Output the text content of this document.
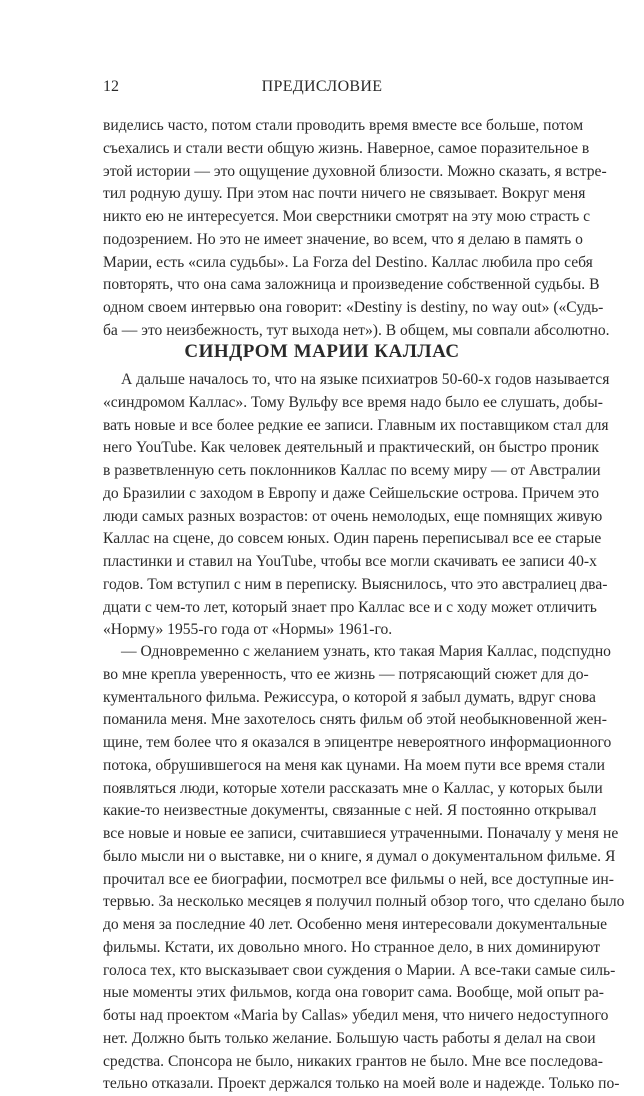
12	ПРЕДИСЛОВИЕ
виделись часто, потом стали проводить время вместе все больше, потом
съехались и стали вести общую жизнь. Наверное, самое поразительное в
этой истории — это ощущение духовной близости. Можно сказать, я встре-
тил родную душу. При этом нас почти ничего не связывает. Вокруг меня
никто ею не интересуется. Мои сверстники смотрят на эту мою страсть с
подозрением. Но это не имеет значение, во всем, что я делаю в память о
Марии, есть «сила судьбы». La Forza del Destino. Каллас любила про себя
повторять, что она сама заложница и произведение собственной судьбы. В
одном своем интервью она говорит: «Destiny is destiny, no way out» («Судь-
ба — это неизбежность, тут выхода нет»). В общем, мы совпали абсолютно.
СИНДРОМ МАРИИ КАЛЛАС
А дальше началось то, что на языке психиатров 50-60-х годов называется
«синдромом Каллас». Тому Вульфу все время надо было ее слушать, добы-
вать новые и все более редкие ее записи. Главным их поставщиком стал для
него YouTube. Как человек деятельный и практический, он быстро проник
в разветвленную сеть поклонников Каллас по всему миру — от Австралии
до Бразилии с заходом в Европу и даже Сейшельские острова. Причем это
люди самых разных возрастов: от очень немолодых, еще помнящих живую
Каллас на сцене, до совсем юных. Один парень переписывал все ее старые
пластинки и ставил на YouTube, чтобы все могли скачивать ее записи 40-х
годов. Том вступил с ним в переписку. Выяснилось, что это австралиец два-
дцати с чем-то лет, который знает про Каллас все и с ходу может отличить
«Норму» 1955-го года от «Нормы» 1961-го.
— Одновременно с желанием узнать, кто такая Мария Каллас, подспудно
во мне крепла уверенность, что ее жизнь — потрясающий сюжет для до-
кументального фильма. Режиссура, о которой я забыл думать, вдруг снова
поманила меня. Мне захотелось снять фильм об этой необыкновенной жен-
щине, тем более что я оказался в эпицентре невероятного информационного
потока, обрушившегося на меня как цунами. На моем пути все время стали
появляться люди, которые хотели рассказать мне о Каллас, у которых были
какие-то неизвестные документы, связанные с ней. Я постоянно открывал
все новые и новые ее записи, считавшиеся утраченными. Поначалу у меня не
было мысли ни о выставке, ни о книге, я думал о документальном фильме. Я
прочитал все ее биографии, посмотрел все фильмы о ней, все доступные ин-
тервью. За несколько месяцев я получил полный обзор того, что сделано было
до меня за последние 40 лет. Особенно меня интересовали документальные
фильмы. Кстати, их довольно много. Но странное дело, в них доминируют
голоса тех, кто высказывает свои суждения о Марии. А все-таки самые силь-
ные моменты этих фильмов, когда она говорит сама. Вообще, мой опыт ра-
боты над проектом «Maria by Callas» убедил меня, что ничего недоступного
нет. Должно быть только желание. Большую часть работы я делал на свои
средства. Спонсора не было, никаких грантов не было. Мне все последова-
тельно отказали. Проект держался только на моей воле и надежде. Только по-
